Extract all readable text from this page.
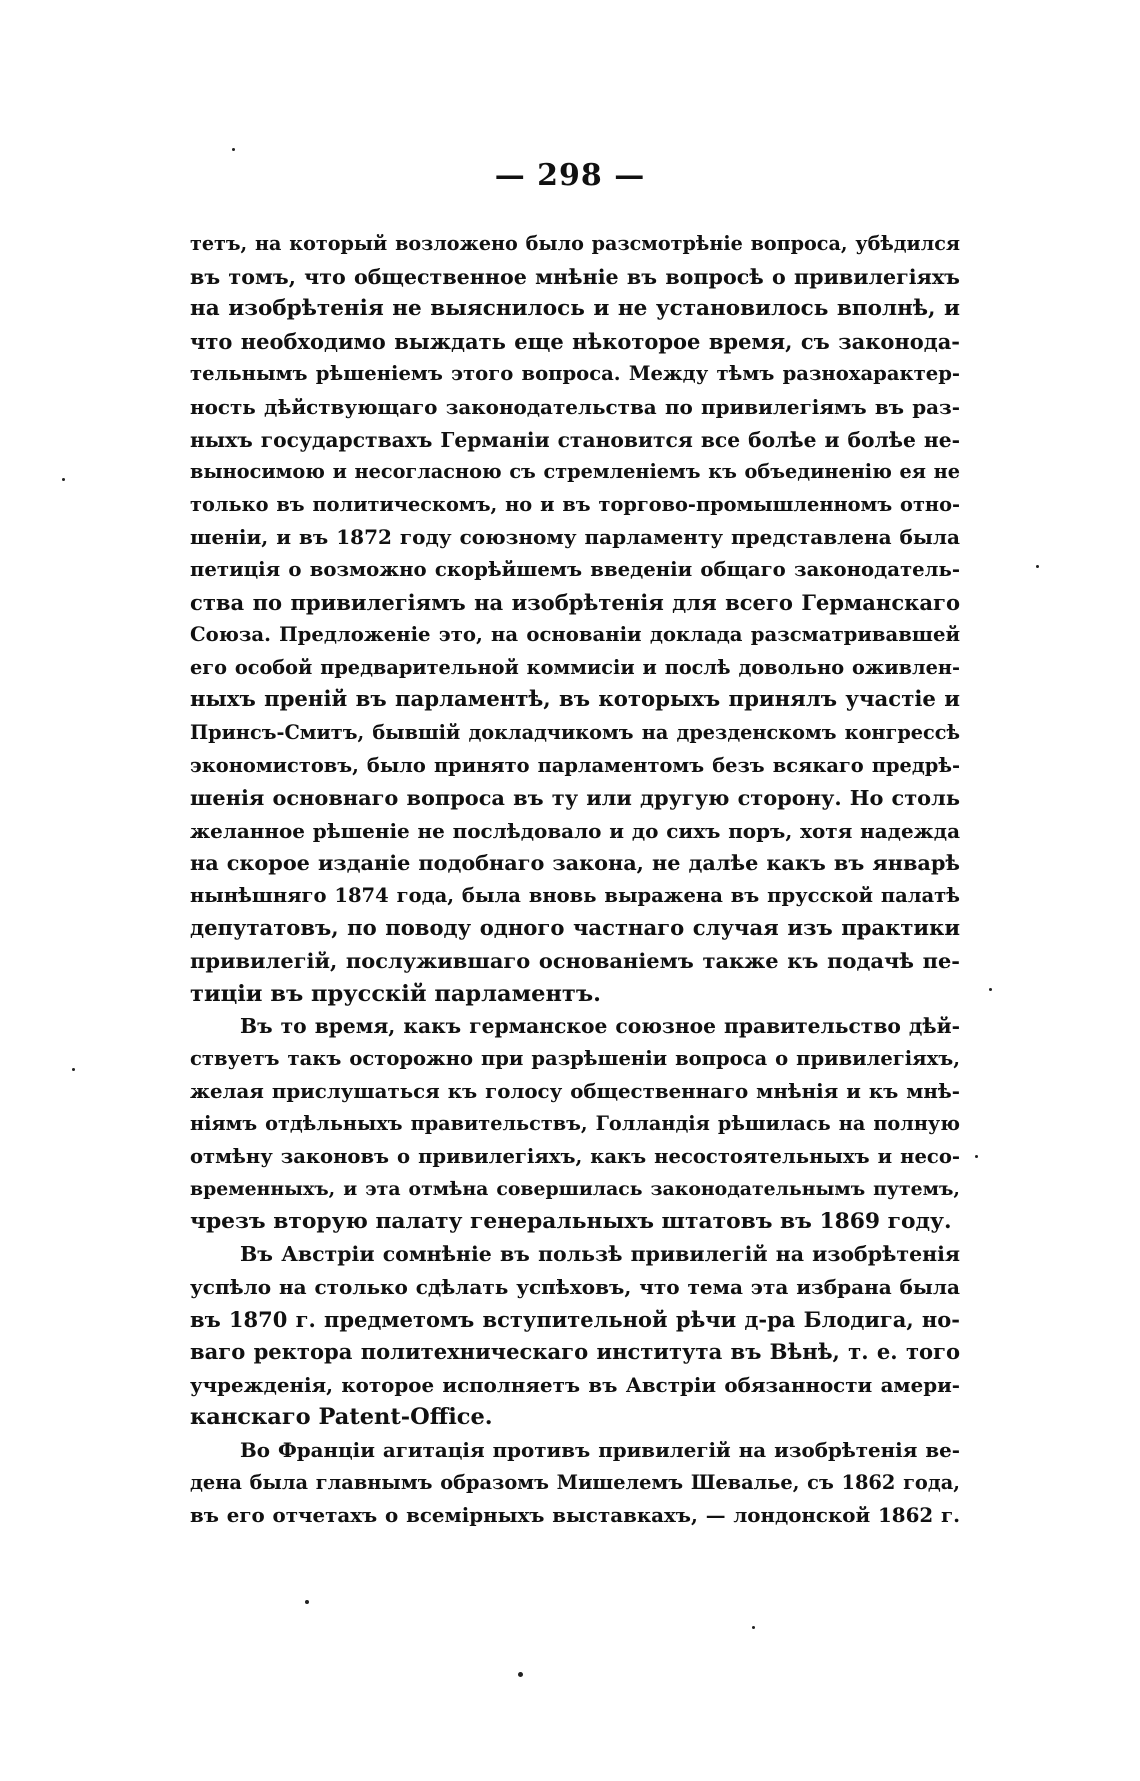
— 298 —
тетъ, на который возложено было разсмотрѣніе вопроса, убѣдился
въ томъ, что общественное мнѣніе въ вопросѣ о привилегіяхъ
на изобрѣтенія не выяснилось и не установилось вполнѣ, и
что необходимо выждать еще нѣкоторое время, съ законода-
тельнымъ рѣшеніемъ этого вопроса. Между тѣмъ разнохарактер-
ность дѣйствующаго законодательства по привилегіямъ въ раз-
ныхъ государствахъ Германіи становится все болѣе и болѣе не-
выносимою и несогласною съ стремленіемъ къ объединенію ея не
только въ политическомъ, но и въ торгово-промышленномъ отно-
шеніи, и въ 1872 году союзному парламенту представлена была
петиція о возможно скорѣйшемъ введеніи общаго законодатель-
ства по привилегіямъ на изобрѣтенія для всего Германскаго
Союза. Предложеніе это, на основаніи доклада разсматривавшей
его особой предварительной коммисіи и послѣ довольно оживлен-
ныхъ преній въ парламентѣ, въ которыхъ принялъ участіе и
Принсъ-Смитъ, бывшій докладчикомъ на дрезденскомъ конгрессѣ
экономистовъ, было принято парламентомъ безъ всякаго предрѣ-
шенія основнаго вопроса въ ту или другую сторону. Но столь
желанное рѣшеніе не послѣдовало и до сихъ поръ, хотя надежда
на скорое изданіе подобнаго закона, не далѣе какъ въ январѣ
нынѣшняго 1874 года, была вновь выражена въ прусской палатѣ
депутатовъ, по поводу одного частнаго случая изъ практики
привилегій, послужившаго основаніемъ также къ подачѣ пе-
тиціи въ прусскій парламентъ.
Въ то время, какъ германское союзное правительство дѣй-
ствуетъ такъ осторожно при разрѣшеніи вопроса о привилегіяхъ,
желая прислушаться къ голосу общественнаго мнѣнія и къ мнѣ-
ніямъ отдѣльныхъ правительствъ, Голландія рѣшилась на полную
отмѣну законовъ о привилегіяхъ, какъ несостоятельныхъ и несо-
временныхъ, и эта отмѣна совершилась законодательнымъ путемъ,
чрезъ вторую палату генеральныхъ штатовъ въ 1869 году.
Въ Австріи сомнѣніе въ пользѣ привилегій на изобрѣтенія
успѣло на столько сдѣлать успѣховъ, что тема эта избрана была
въ 1870 г. предметомъ вступительной рѣчи д-ра Блодига, но-
ваго ректора политехническаго института въ Вѣнѣ, т. е. того
учрежденія, которое исполняетъ въ Австріи обязанности амери-
канскаго Patent-Office.
Во Франціи агитація противъ привилегій на изобрѣтенія ве-
дена была главнымъ образомъ Мишелемъ Шевалье, съ 1862 года,
въ его отчетахъ о всемірныхъ выставкахъ, — лондонской 1862 г.
